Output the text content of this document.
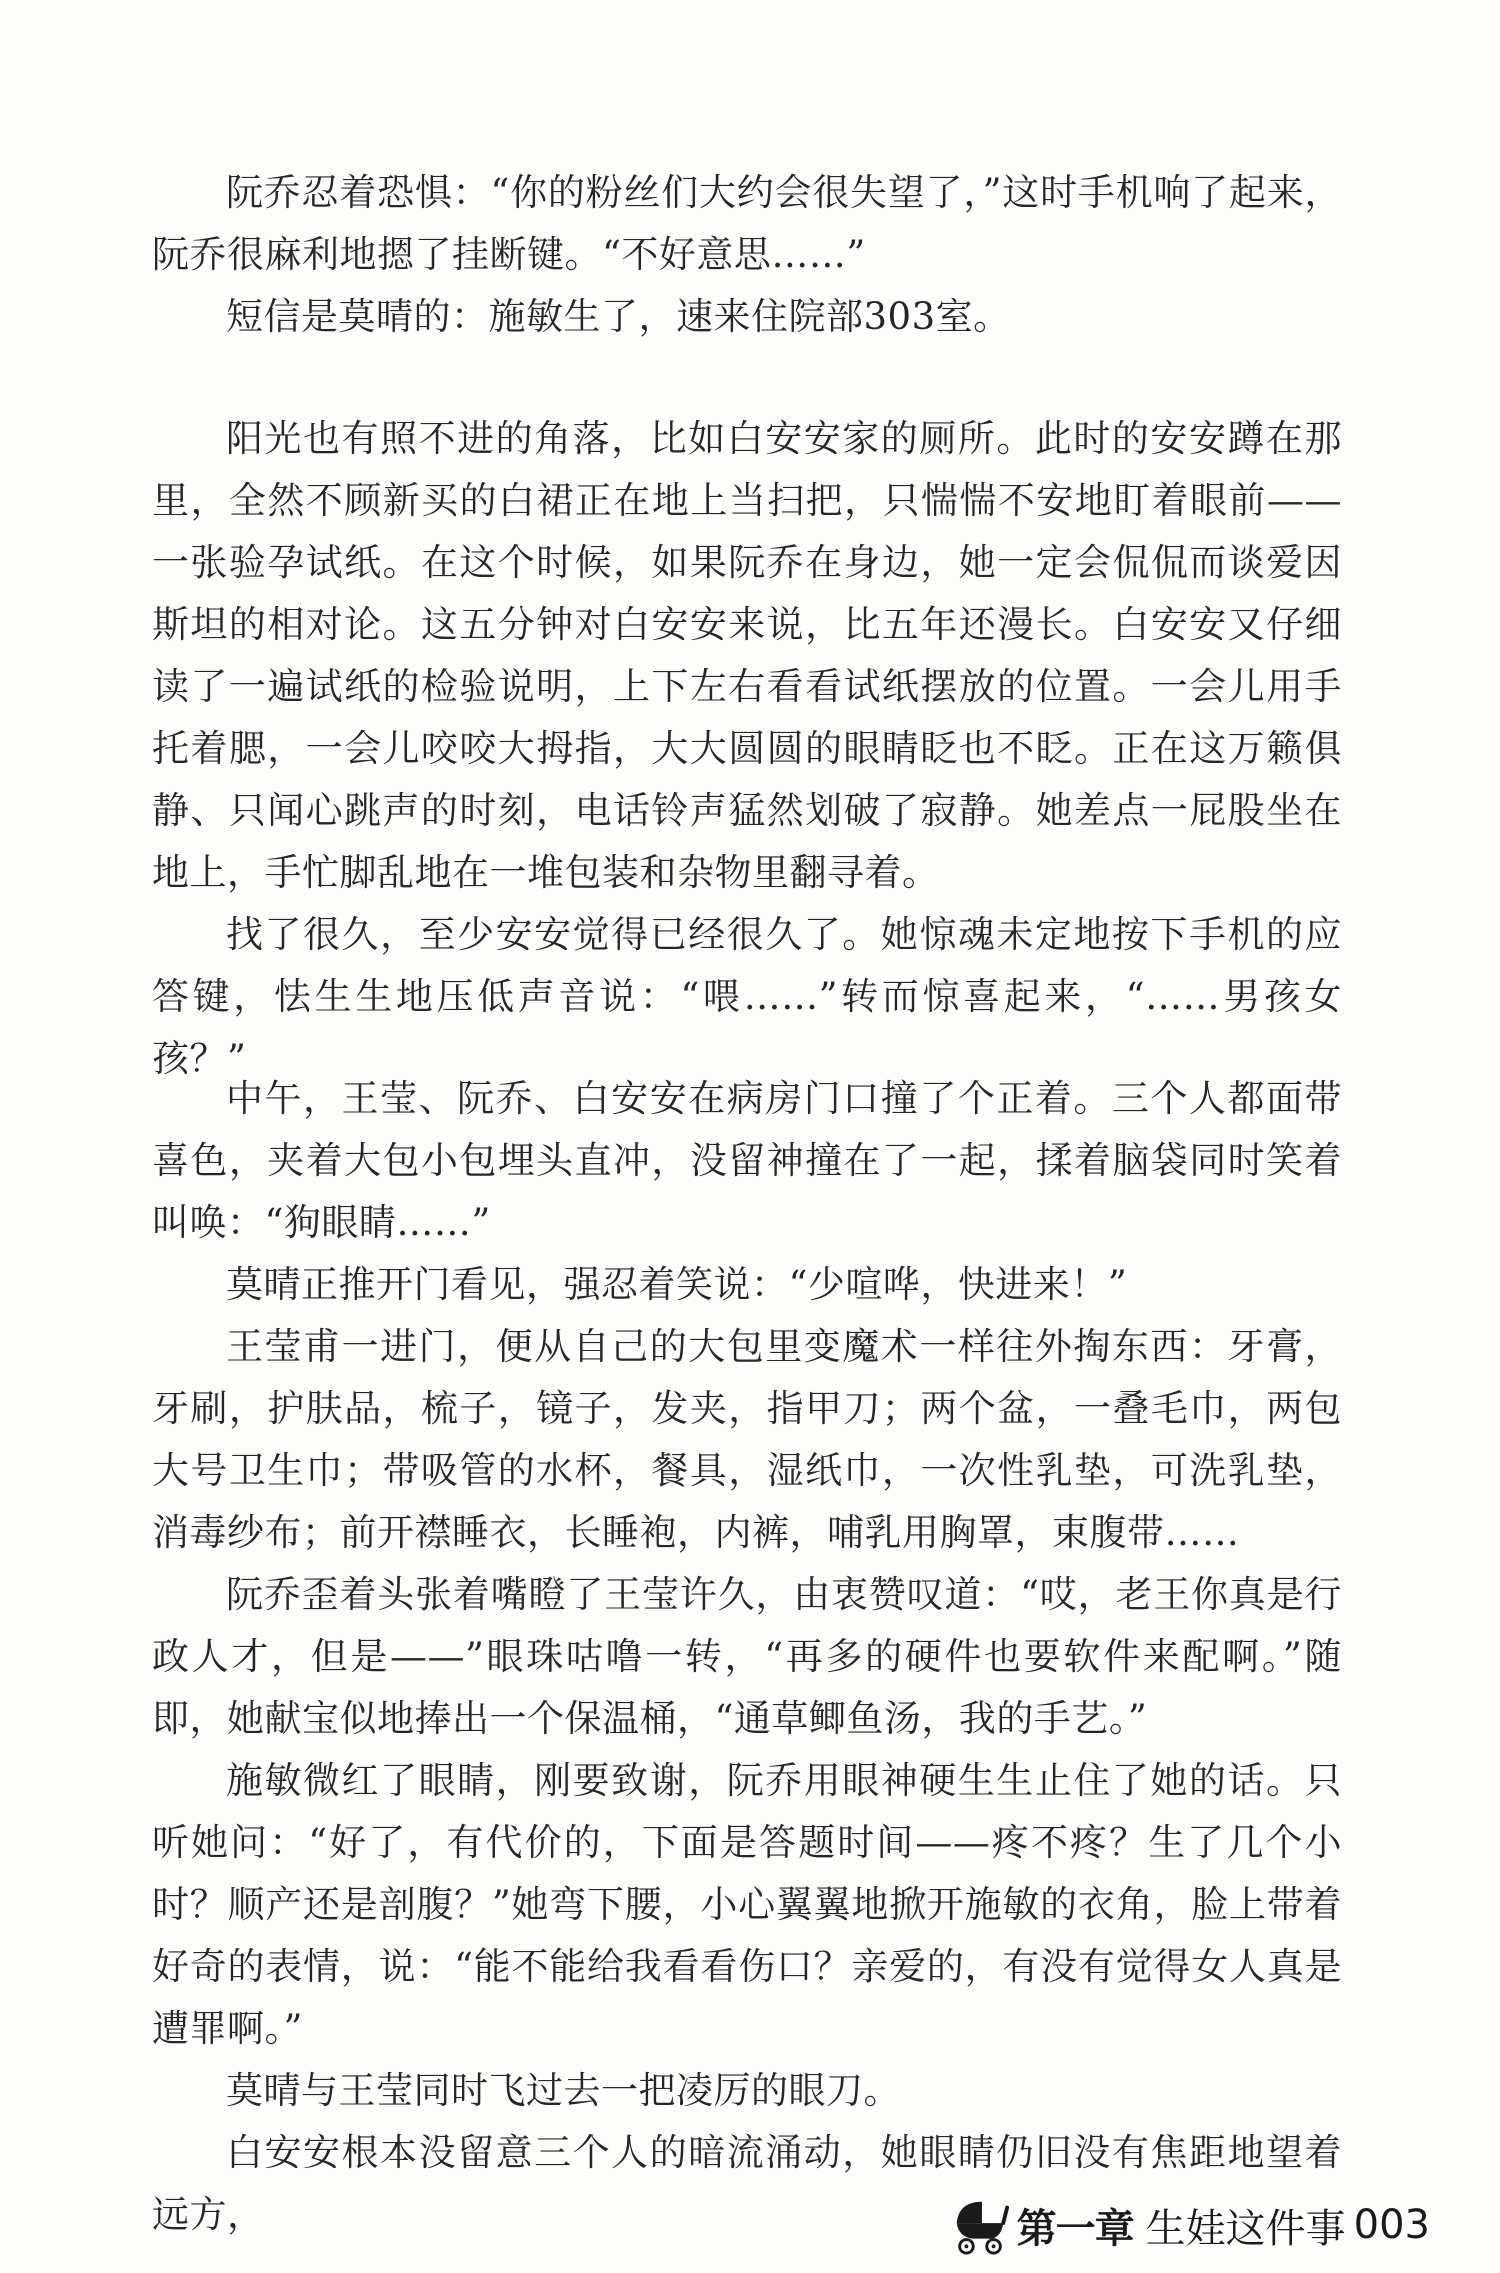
阮乔忍着恐惧：“你的粉丝们大约会很失望了，”这时手机响了起来，阮乔很麻利地摁了挂断键。“不好意思……”

短信是莫晴的：施敏生了，速来住院部303室。

阳光也有照不进的角落，比如白安安家的厕所。此时的安安蹲在那里，全然不顾新买的白裙正在地上当扫把，只惴惴不安地盯着眼前——一张验孕试纸。在这个时候，如果阮乔在身边，她一定会侃侃而谈爱因斯坦的相对论。这五分钟对白安安来说，比五年还漫长。白安安又仔细读了一遍试纸的检验说明，上下左右看看试纸摆放的位置。一会儿用手托着腮，一会儿咬咬大拇指，大大圆圆的眼睛眨也不眨。正在这万籁俱静、只闻心跳声的时刻，电话铃声猛然划破了寂静。她差点一屁股坐在地上，手忙脚乱地在一堆包装和杂物里翻寻着。

找了很久，至少安安觉得已经很久了。她惊魂未定地按下手机的应答键，怯生生地压低声音说：“喂……”转而惊喜起来，“……男孩女孩？”

中午，王莹、阮乔、白安安在病房门口撞了个正着。三个人都面带喜色，夹着大包小包埋头直冲，没留神撞在了一起，揉着脑袋同时笑着叫唤：“狗眼睛……”

莫晴正推开门看见，强忍着笑说：“少喧哗，快进来！”

王莹甫一进门，便从自己的大包里变魔术一样往外掏东西：牙膏，牙刷，护肤品，梳子，镜子，发夹，指甲刀；两个盆，一叠毛巾，两包大号卫生巾；带吸管的水杯，餐具，湿纸巾，一次性乳垫，可洗乳垫，消毒纱布；前开襟睡衣，长睡袍，内裤，哺乳用胸罩，束腹带……

阮乔歪着头张着嘴瞪了王莹许久，由衷赞叹道：“哎，老王你真是行政人才，但是——”眼珠咕噜一转，“再多的硬件也要软件来配啊。”随即，她献宝似地捧出一个保温桶，“通草鲫鱼汤，我的手艺。”

施敏微红了眼睛，刚要致谢，阮乔用眼神硬生生止住了她的话。只听她问：“好了，有代价的，下面是答题时间——疼不疼？生了几个小时？顺产还是剖腹？”她弯下腰，小心翼翼地掀开施敏的衣角，脸上带着好奇的表情，说：“能不能给我看看伤口？亲爱的，有没有觉得女人真是遭罪啊。”

莫晴与王莹同时飞过去一把凌厉的眼刀。

白安安根本没留意三个人的暗流涌动，她眼睛仍旧没有焦距地望着远方，	第一章 生娃这件事 003
